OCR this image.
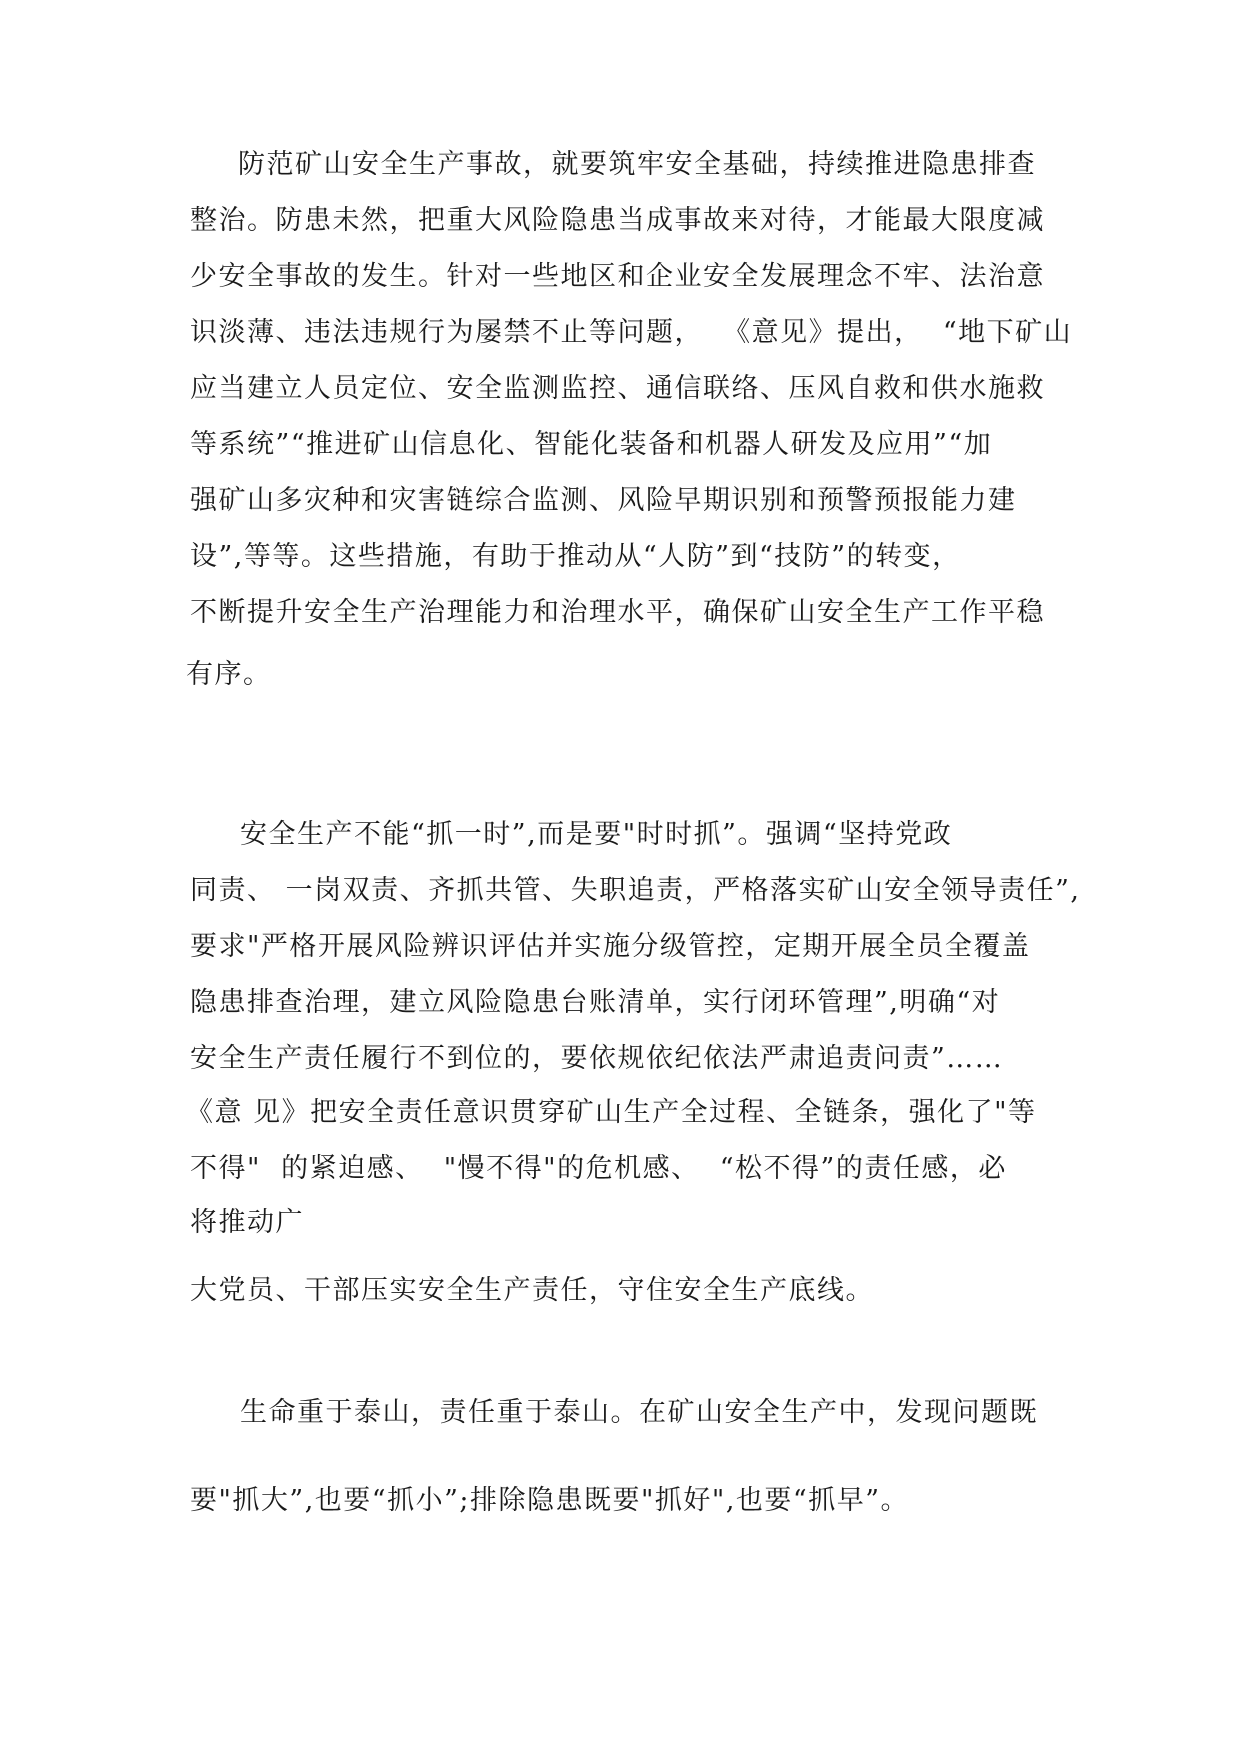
防范矿山安全生产事故，就要筑牢安全基础，持续推进隐患排查
整治。防患未然，把重大风险隐患当成事故来对待，才能最大限度减
少安全事故的发生。针对一些地区和企业安全发展理念不牢、法治意
识淡薄、违法违规行为屡禁不止等问题，  《意见》提出，  “地下矿山
应当建立人员定位、安全监测监控、通信联络、压风自救和供水施救
等系统”“推进矿山信息化、智能化装备和机器人研发及应用”“加
强矿山多灾种和灾害链综合监测、风险早期识别和预警预报能力建
设”,等等。这些措施，有助于推动从“人防”到“技防”的转变，
不断提升安全生产治理能力和治理水平，确保矿山安全生产工作平稳
有序。
安全生产不能“抓一时”,而是要"时时抓”。强调“坚持党政
同责、 一岗双责、齐抓共管、失职追责，严格落实矿山安全领导责任”,
要求"严格开展风险辨识评估并实施分级管控，定期开展全员全覆盖
隐患排查治理，建立风险隐患台账清单，实行闭环管理”,明确“对
安全生产责任履行不到位的，要依规依纪依法严肃追责问责”……
《意 见》把安全责任意识贯穿矿山生产全过程、全链条，强化了"等
不得"  的紧迫感、  "慢不得"的危机感、  “松不得”的责任感，必
将推动广
大党员、干部压实安全生产责任，守住安全生产底线。
生命重于泰山，责任重于泰山。在矿山安全生产中，发现问题既
要"抓大”,也要“抓小”;排除隐患既要"抓好",也要“抓早”。
